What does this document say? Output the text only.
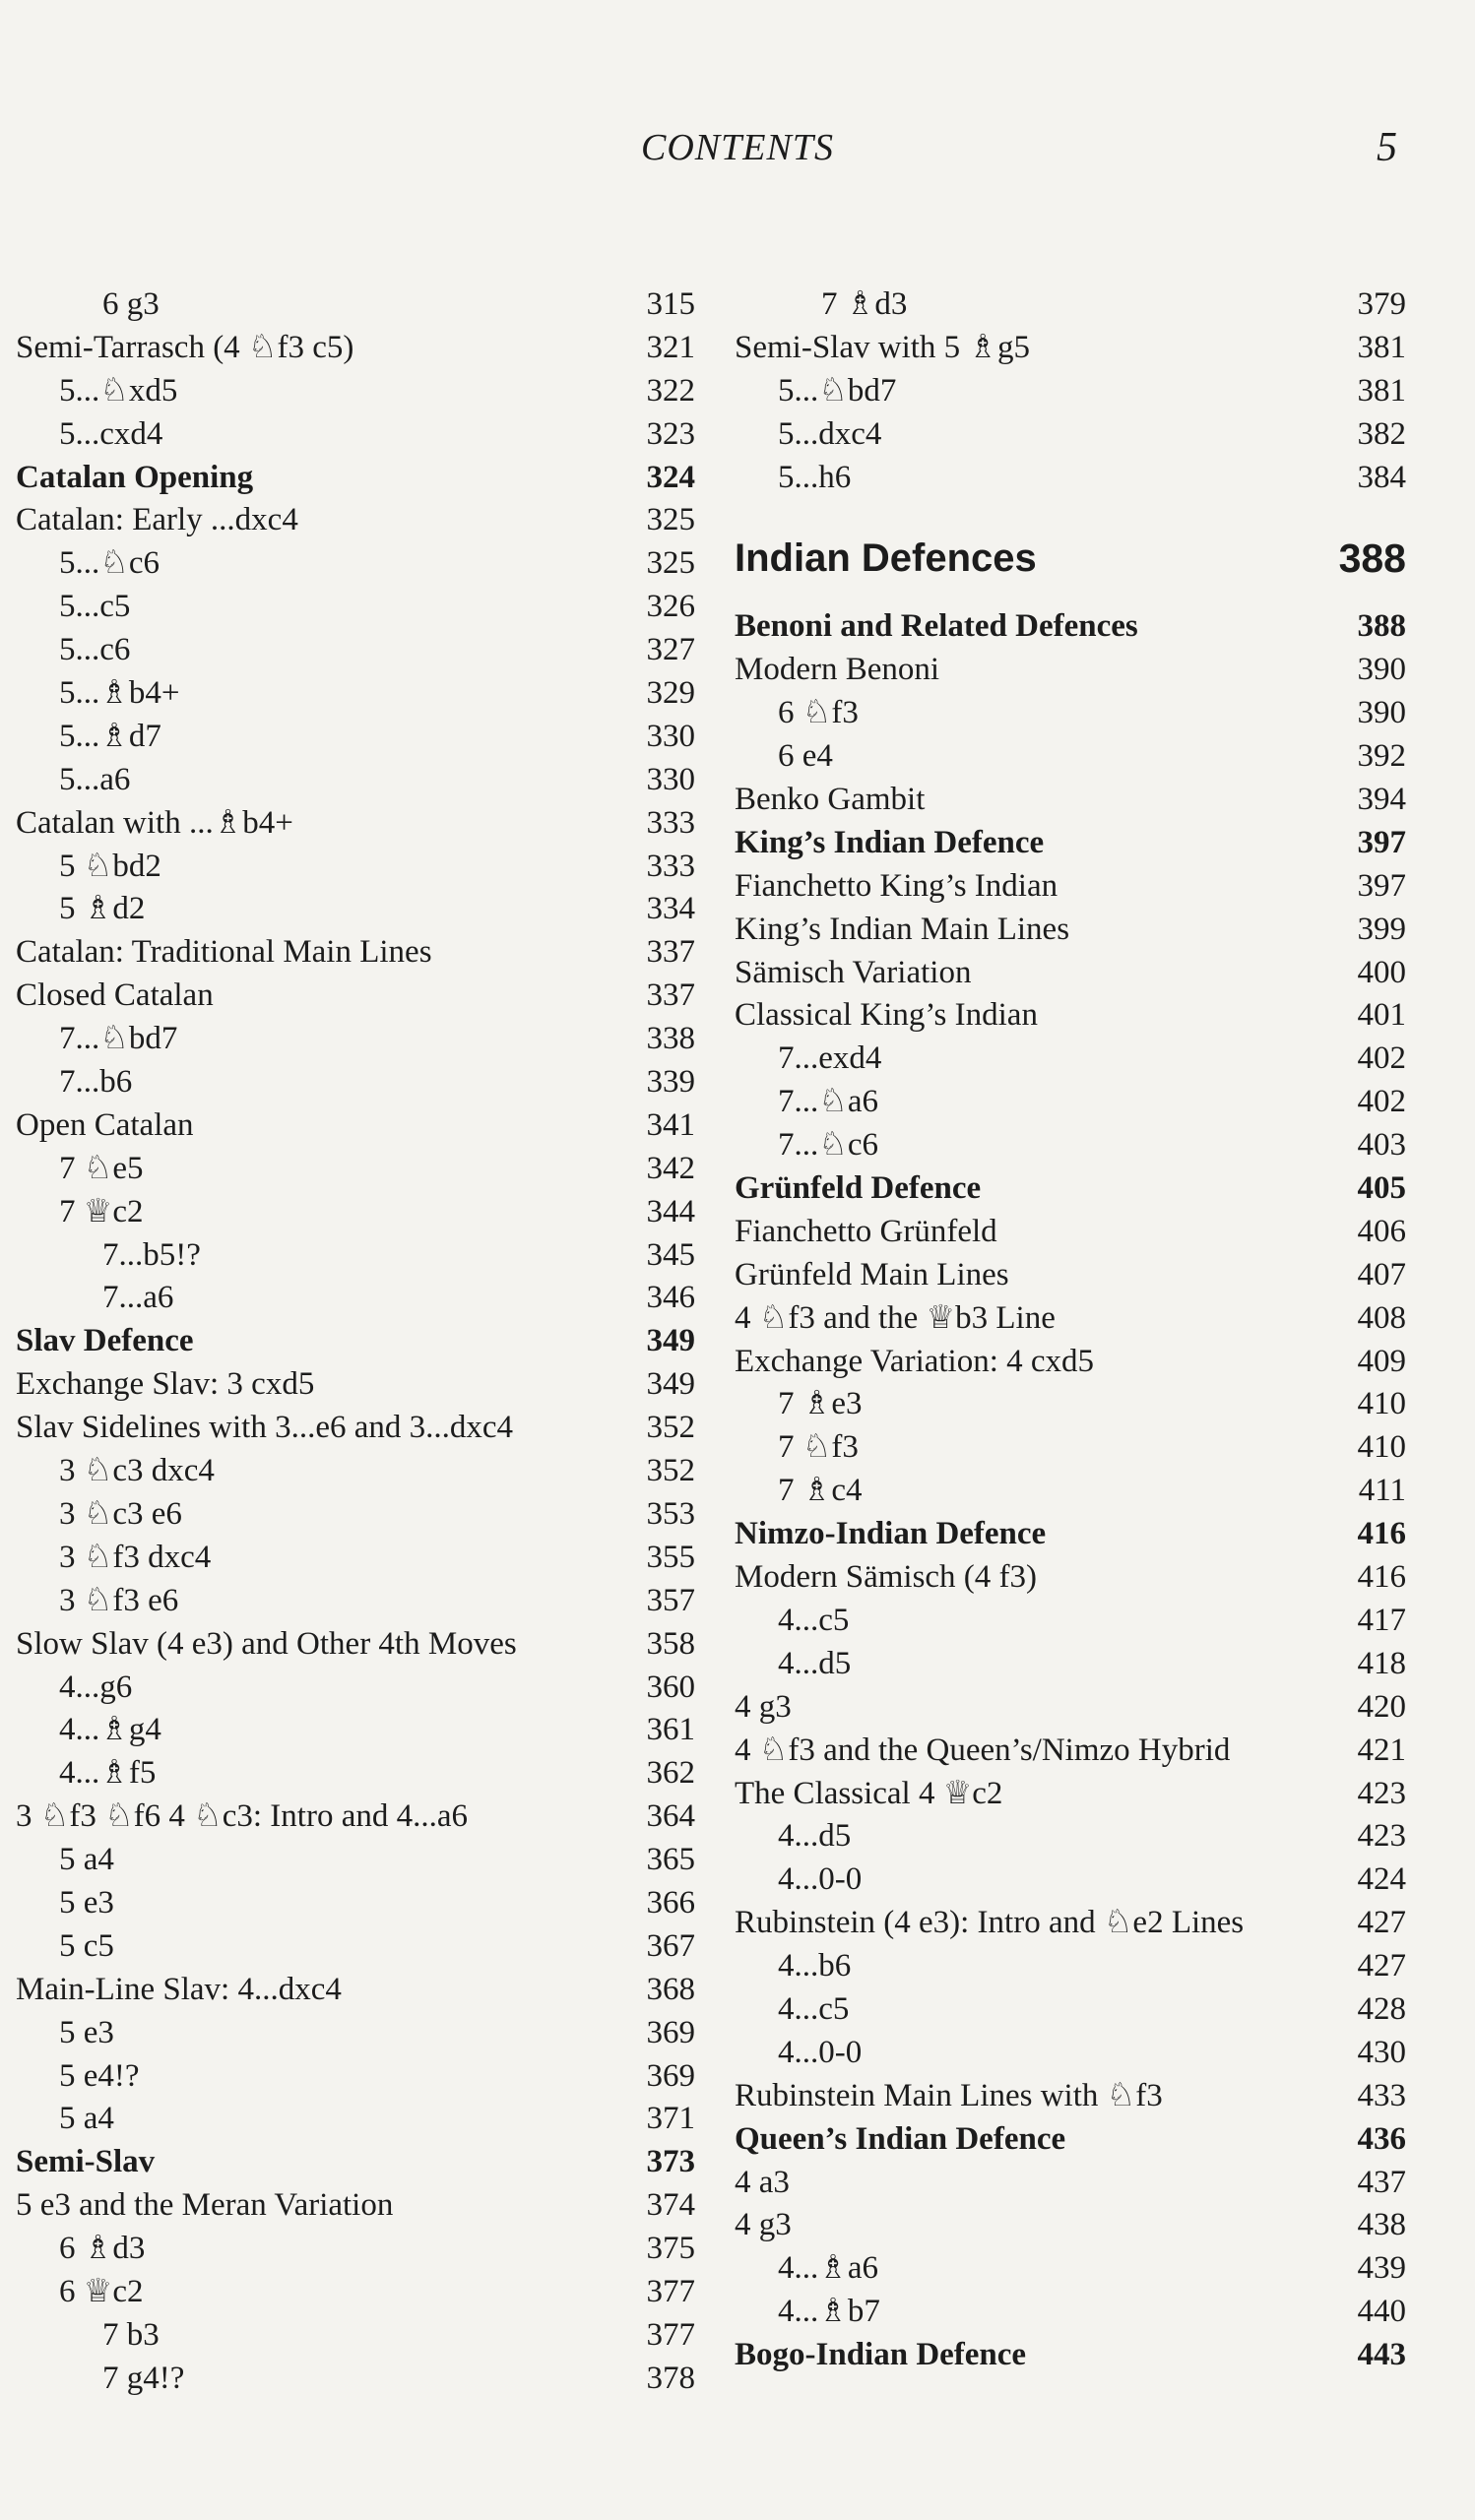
CONTENTS	5
6 g3	315
Semi-Tarrasch (4 ♘f3 c5)	321
5...♘xd5	322
5...cxd4	323
Catalan Opening	324
Catalan: Early ...dxc4	325
5...♘c6	325
5...c5	326
5...c6	327
5...♗b4+	329
5...♗d7	330
5...a6	330
Catalan with ...♗b4+	333
5 ♘bd2	333
5 ♗d2	334
Catalan: Traditional Main Lines	337
Closed Catalan	337
7...♘bd7	338
7...b6	339
Open Catalan	341
7 ♘e5	342
7 ♕c2	344
7...b5!?	345
7...a6	346
Slav Defence	349
Exchange Slav: 3 cxd5	349
Slav Sidelines with 3...e6 and 3...dxc4	352
3 ♘c3 dxc4	352
3 ♘c3 e6	353
3 ♘f3 dxc4	355
3 ♘f3 e6	357
Slow Slav (4 e3) and Other 4th Moves	358
4...g6	360
4...♗g4	361
4...♗f5	362
3 ♘f3 ♘f6 4 ♘c3: Intro and 4...a6	364
5 a4	365
5 e3	366
5 c5	367
Main-Line Slav: 4...dxc4	368
5 e3	369
5 e4!?	369
5 a4	371
Semi-Slav	373
5 e3 and the Meran Variation	374
6 ♗d3	375
6 ♕c2	377
7 b3	377
7 g4!?	378
7 ♗d3	379
Semi-Slav with 5 ♗g5	381
5...♘bd7	381
5...dxc4	382
5...h6	384
Indian Defences	388
Benoni and Related Defences	388
Modern Benoni	390
6 ♘f3	390
6 e4	392
Benko Gambit	394
King’s Indian Defence	397
Fianchetto King’s Indian	397
King’s Indian Main Lines	399
Sämisch Variation	400
Classical King’s Indian	401
7...exd4	402
7...♘a6	402
7...♘c6	403
Grünfeld Defence	405
Fianchetto Grünfeld	406
Grünfeld Main Lines	407
4 ♘f3 and the ♕b3 Line	408
Exchange Variation: 4 cxd5	409
7 ♗e3	410
7 ♘f3	410
7 ♗c4	411
Nimzo-Indian Defence	416
Modern Sämisch (4 f3)	416
4...c5	417
4...d5	418
4 g3	420
4 ♘f3 and the Queen’s/Nimzo Hybrid	421
The Classical 4 ♕c2	423
4...d5	423
4...0-0	424
Rubinstein (4 e3): Intro and ♘e2 Lines	427
4...b6	427
4...c5	428
4...0-0	430
Rubinstein Main Lines with ♘f3	433
Queen’s Indian Defence	436
4 a3	437
4 g3	438
4...♗a6	439
4...♗b7	440
Bogo-Indian Defence	443
